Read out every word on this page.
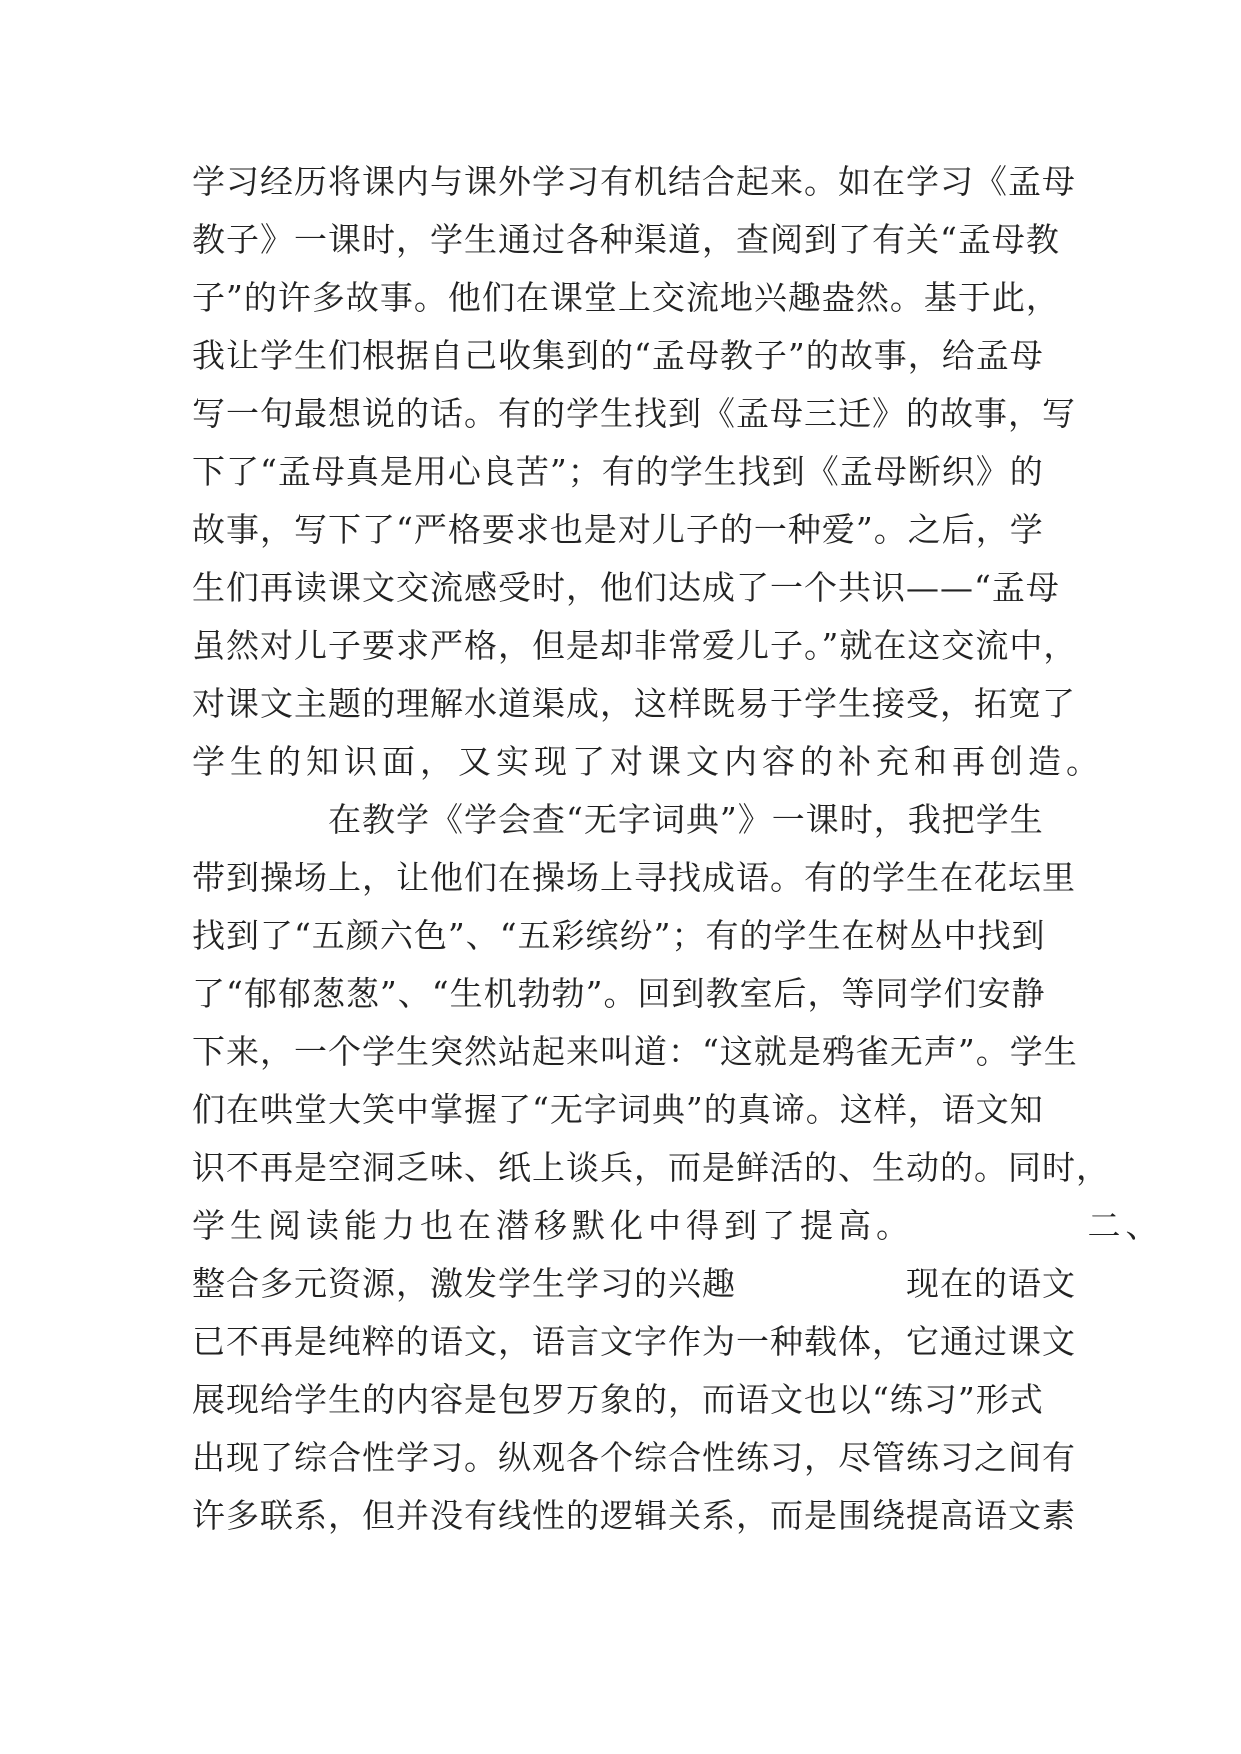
学习经历将课内与课外学习有机结合起来。如在学习《孟母
教子》一课时，学生通过各种渠道，查阅到了有关“孟母教
子”的许多故事。他们在课堂上交流地兴趣盎然。基于此，
我让学生们根据自己收集到的“孟母教子”的故事，给孟母
写一句最想说的话。有的学生找到《孟母三迁》的故事，写
下了“孟母真是用心良苦”；有的学生找到《孟母断织》的
故事，写下了“严格要求也是对儿子的一种爱”。之后，学
生们再读课文交流感受时，他们达成了一个共识——“孟母
虽然对儿子要求严格，但是却非常爱儿子。”就在这交流中，
对课文主题的理解水道渠成，这样既易于学生接受，拓宽了
学生的知识面，又实现了对课文内容的补充和再创造。
　　　　在教学《学会查“无字词典”》一课时，我把学生
带到操场上，让他们在操场上寻找成语。有的学生在花坛里
找到了“五颜六色”、“五彩缤纷”；有的学生在树丛中找到
了“郁郁葱葱”、“生机勃勃”。回到教室后，等同学们安静
下来，一个学生突然站起来叫道：“这就是鸦雀无声”。学生
们在哄堂大笑中掌握了“无字词典”的真谛。这样，语文知
识不再是空洞乏味、纸上谈兵，而是鲜活的、生动的。同时，
学生阅读能力也在潜移默化中得到了提高。　　　　　二、
整合多元资源，激发学生学习的兴趣　　　　　现在的语文
已不再是纯粹的语文，语言文字作为一种载体，它通过课文
展现给学生的内容是包罗万象的，而语文也以“练习”形式
出现了综合性学习。纵观各个综合性练习，尽管练习之间有
许多联系，但并没有线性的逻辑关系，而是围绕提高语文素
